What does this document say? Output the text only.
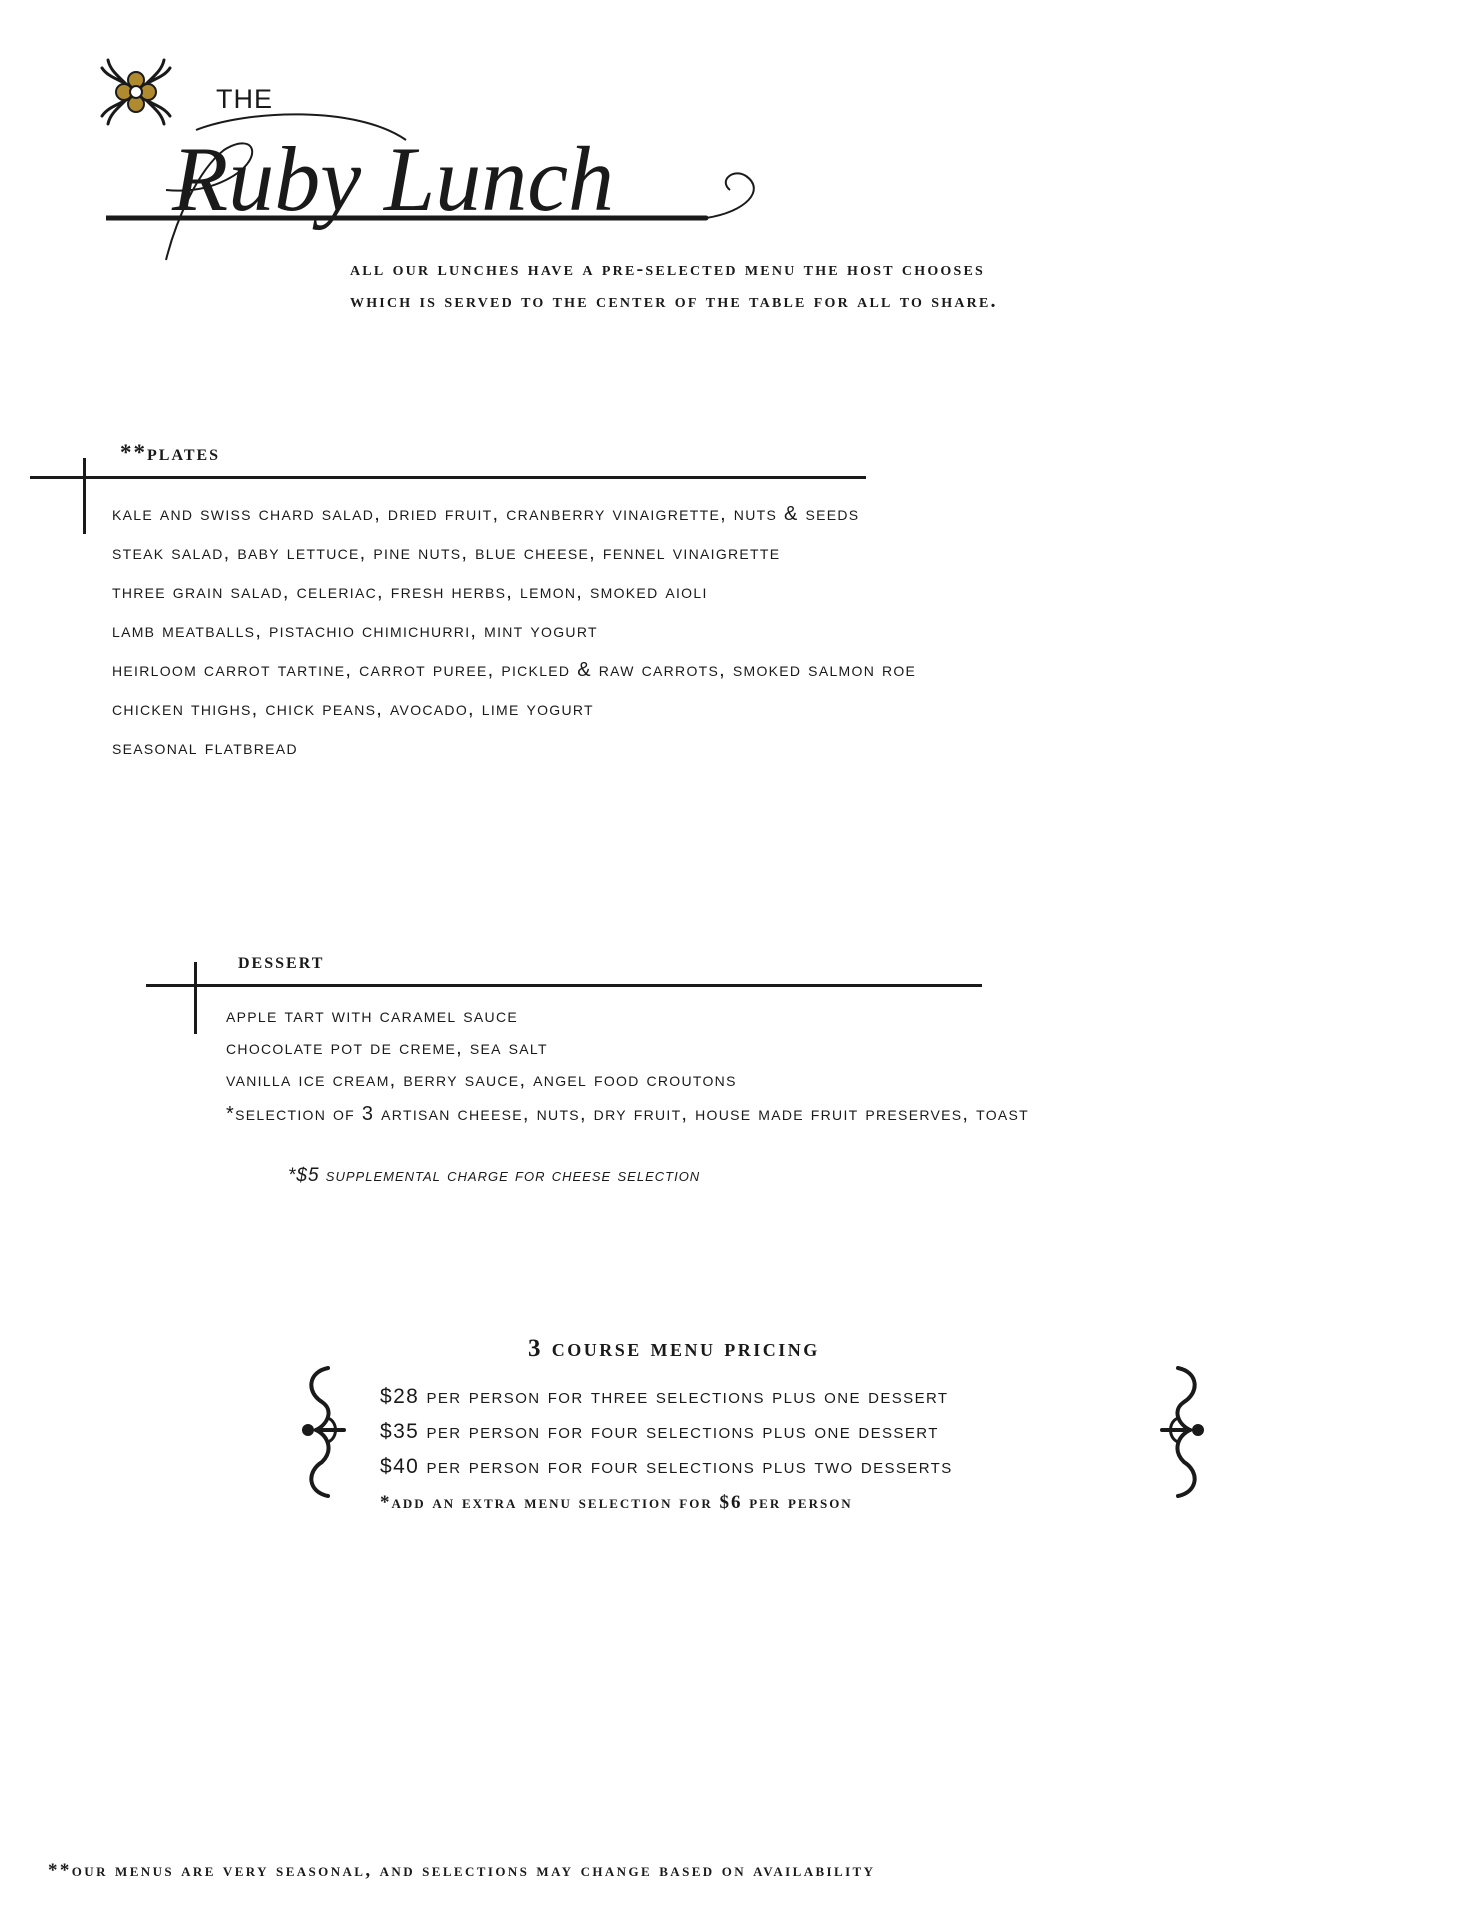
THE
Ruby Lunch
all our lunches have a pre-selected menu the host chooses
which is served to the center of the table for all to share.
**plates
kale and swiss chard salad, dried fruit, cranberry vinaigrette, nuts & seeds
steak salad, baby lettuce, pine nuts, blue cheese, fennel vinaigrette
three grain salad, celeriac, fresh herbs, lemon, smoked aioli
lamb meatballs, pistachio chimichurri, mint yogurt
heirloom carrot tartine, carrot puree, pickled & raw carrots, smoked salmon roe
chicken thighs, chick peans, avocado, lime yogurt
seasonal flatbread
dessert
apple tart with caramel sauce
chocolate pot de creme, sea salt
vanilla ice cream, berry sauce, angel food croutons
*selection of 3 artisan cheese, nuts, dry fruit, house made fruit preserves, toast
*$5 supplemental charge for cheese selection
3 course menu pricing
$28 per person for three selections plus one dessert
$35 per person for four selections plus one dessert
$40 per person for four selections plus two desserts
*add an extra menu selection for $6 per person
**our menus are very seasonal, and selections may change based on availability
